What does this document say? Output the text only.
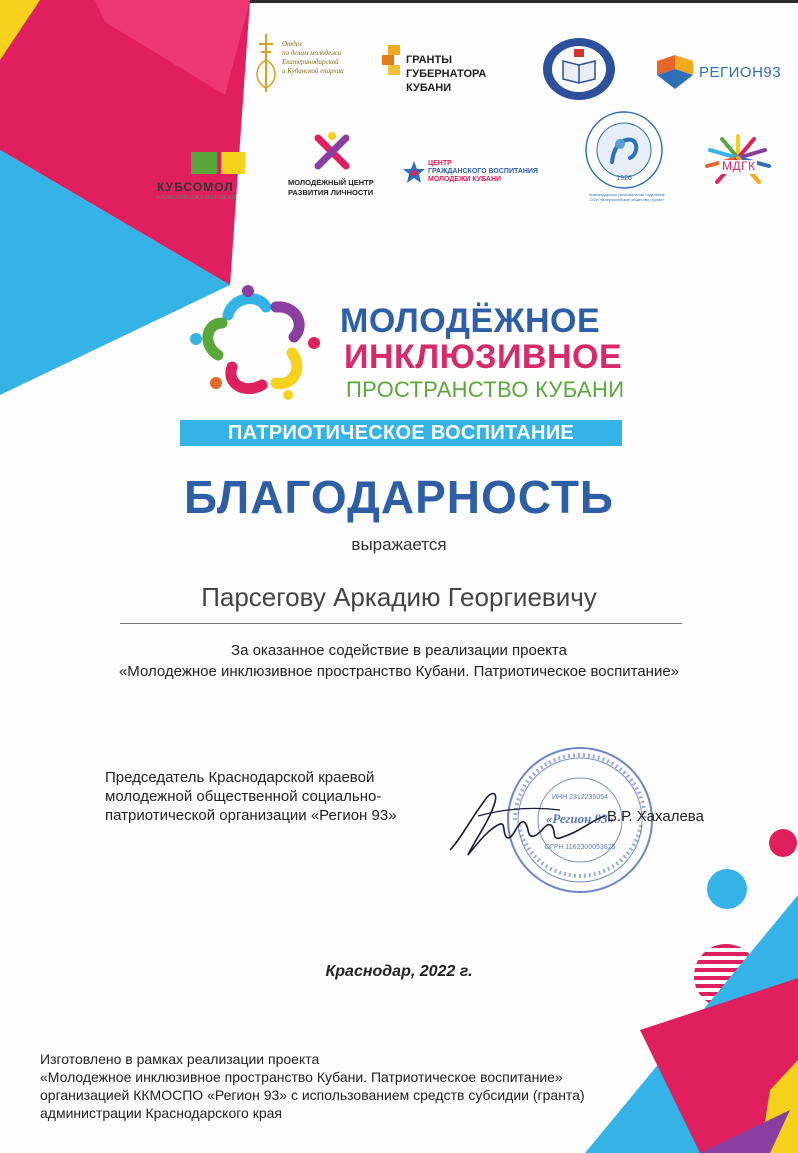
Отдел
по делам молодежи
Екатеринодарской
и Кубанской епархии
ГРАНТЫ
ГУБЕРНАТОРА
КУБАНИ
РЕГИОН93
КУБСОМОЛ
КУБАНСКИЙ СОЮЗ МОЛОДЕЖИ
МОЛОДЁЖНЫЙ ЦЕНТР
РАЗВИТИЯ ЛИЧНОСТИ
ЦЕНТР
ГРАЖДАНСКОГО ВОСПИТАНИЯ
МОЛОДЕЖИ КУБАНИ	1926
Краснодарское региональное отделение
ООИ «Всероссийское общество глухих»
МДГК
МОЛОДЁЖНОЕ
ИНКЛЮЗИВНОЕ
ПРОСТРАНСТВО КУБАНИ
ПАТРИОТИЧЕСКОЕ ВОСПИТАНИЕ
БЛАГОДАРНОСТЬ
выражается
Парсегову Аркадию Георгиевичу
За оказанное содействие в реализации проекта
«Молодежное инклюзивное пространство Кубани. Патриотическое воспитание»
Председатель Краснодарской краевой
молодежной общественной социально-
патриотической организации «Регион 93»	«Регион 93»
ИНН 2312235054
ОГРН 1162300053625
В.Р. Хахалева
Краснодар, 2022 г.
Изготовлено в рамках реализации проекта
«Молодежное инклюзивное пространство Кубани. Патриотическое воспитание»
организацией ККМОСПО «Регион 93» с использованием средств субсидии (гранта)
администрации Краснодарского края
